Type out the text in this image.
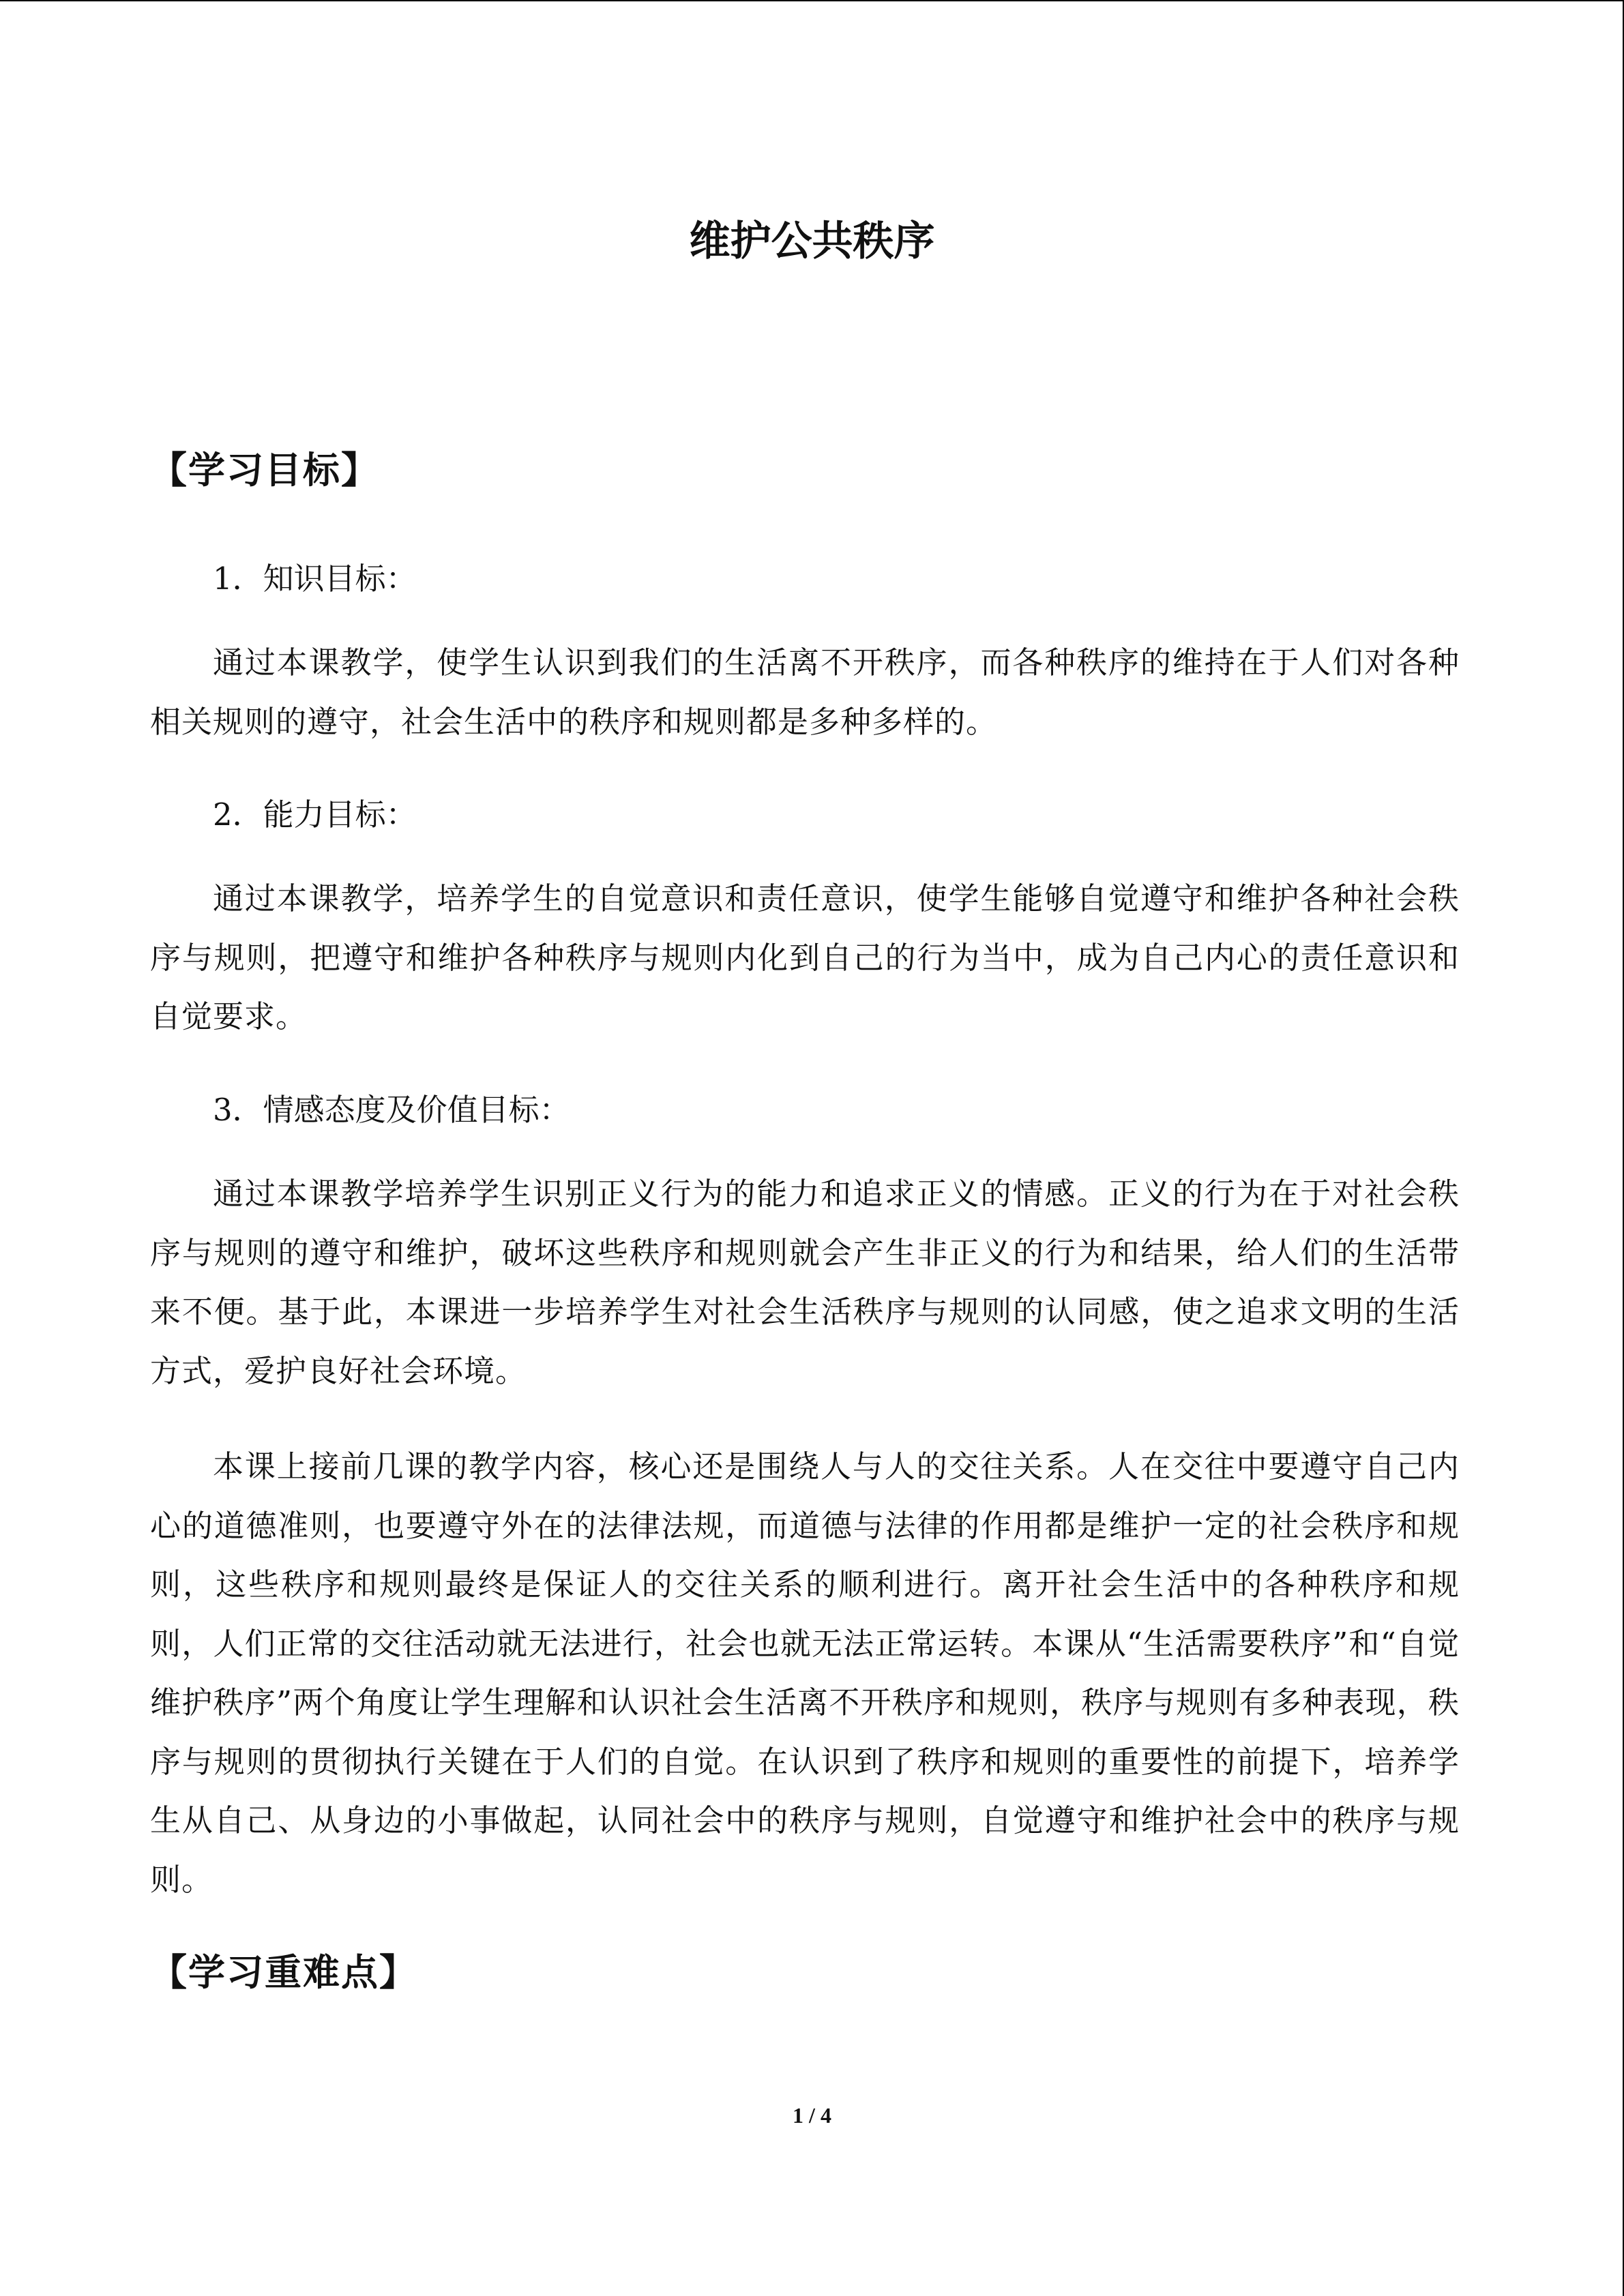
维护公共秩序
【学习目标】
1．知识目标：
通过本课教学，使学生认识到我们的生活离不开秩序，而各种秩序的维持在于人们对各种相关规则的遵守，社会生活中的秩序和规则都是多种多样的。
2．能力目标：
通过本课教学，培养学生的自觉意识和责任意识，使学生能够自觉遵守和维护各种社会秩序与规则，把遵守和维护各种秩序与规则内化到自己的行为当中，成为自己内心的责任意识和自觉要求。
3．情感态度及价值目标：
通过本课教学培养学生识别正义行为的能力和追求正义的情感。正义的行为在于对社会秩序与规则的遵守和维护，破坏这些秩序和规则就会产生非正义的行为和结果，给人们的生活带来不便。基于此，本课进一步培养学生对社会生活秩序与规则的认同感，使之追求文明的生活方式，爱护良好社会环境。
本课上接前几课的教学内容，核心还是围绕人与人的交往关系。人在交往中要遵守自己内心的道德准则，也要遵守外在的法律法规，而道德与法律的作用都是维护一定的社会秩序和规则，这些秩序和规则最终是保证人的交往关系的顺利进行。离开社会生活中的各种秩序和规则，人们正常的交往活动就无法进行，社会也就无法正常运转。本课从“生活需要秩序”和“自觉维护秩序”两个角度让学生理解和认识社会生活离不开秩序和规则，秩序与规则有多种表现，秩序与规则的贯彻执行关键在于人们的自觉。在认识到了秩序和规则的重要性的前提下，培养学生从自己、从身边的小事做起，认同社会中的秩序与规则，自觉遵守和维护社会中的秩序与规则。
【学习重难点】
1 / 4
